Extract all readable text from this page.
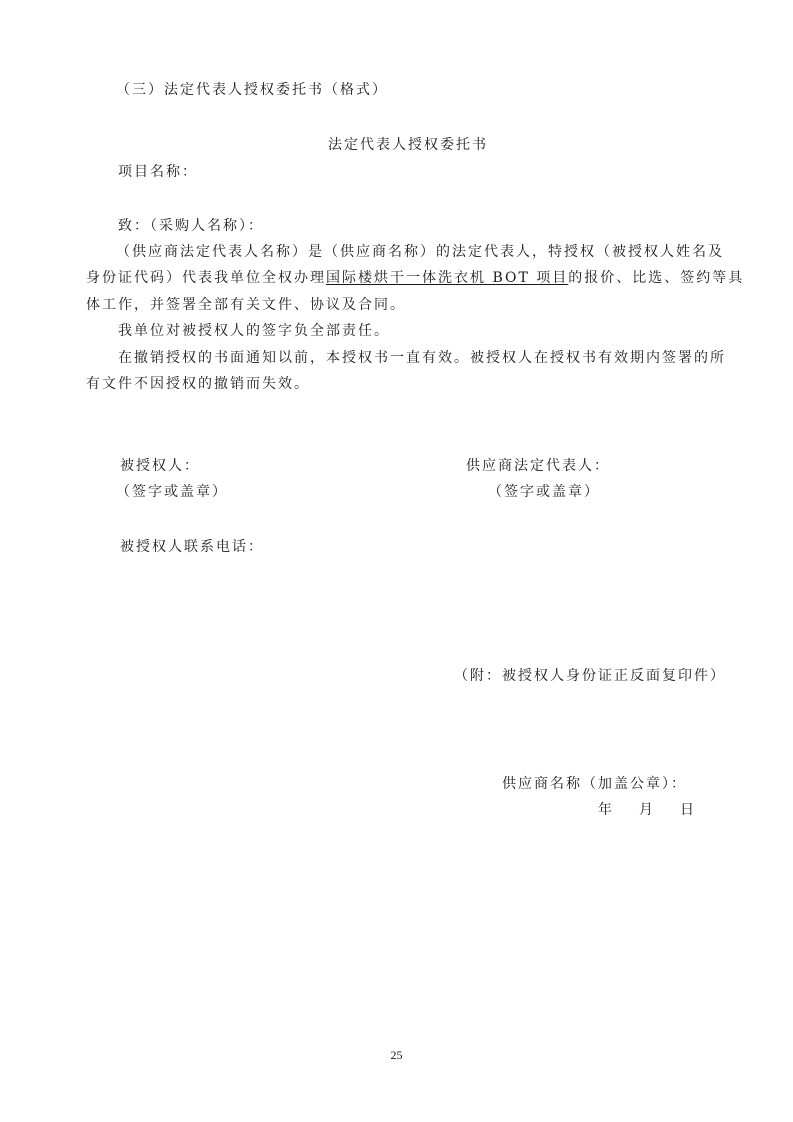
（三）法定代表人授权委托书（格式）
法定代表人授权委托书
项目名称：
致：（采购人名称）：
（供应商法定代表人名称）是（供应商名称）的法定代表人，特授权（被授权人姓名及
身份证代码）代表我单位全权办理国际楼烘干一体洗衣机 BOT 项目的报价、比选、签约等具
体工作，并签署全部有关文件、协议及合同。
我单位对被授权人的签字负全部责任。
在撤销授权的书面通知以前，本授权书一直有效。被授权人在授权书有效期内签署的所
有文件不因授权的撤销而失效。
被授权人：	供应商法定代表人：
（签字或盖章）	（签字或盖章）
被授权人联系电话：
（附：被授权人身份证正反面复印件）
供应商名称（加盖公章）：
年 月 日
25
